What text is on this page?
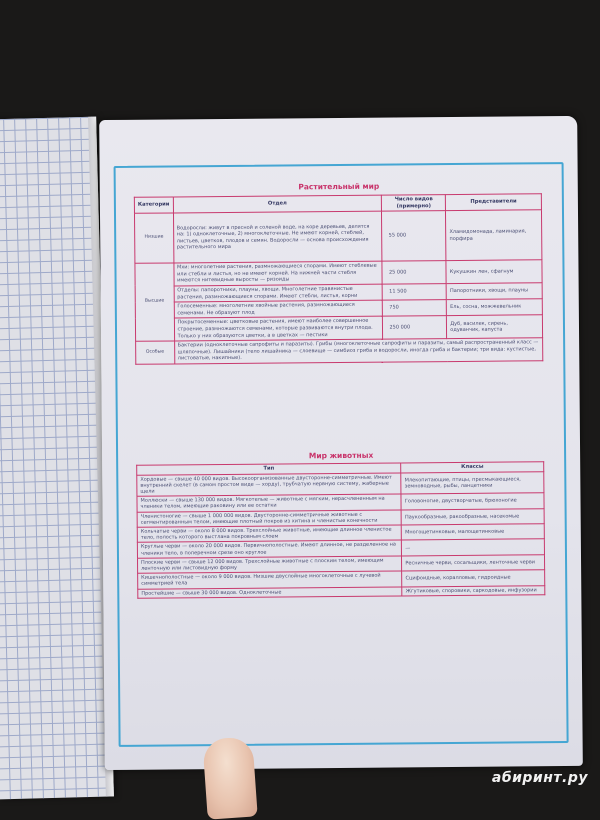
Растительный мир
Категории	Отдел	Число видов (примерно)	Представители
Низшие	Водоросли: живут в пресной и соленой воде, на коре деревьев, делятся на: 1) одноклеточные, 2) многоклеточные. Не имеют корней, стеблей, листьев, цветков, плодов и семян. Водоросли — основа происхождения растительного мира	55 000	Хламидомонада, ламинария, порфира
Высшие	Мхи: многолетние растения, размножающиеся спорами. Имеют стеблевые или стебли и листья, но не имеют корней. На нижней части стебля имеются нитевидные выросты — ризоиды	25 000	Кукушкин лен, сфагнум
	Отделы: папоротники, плауны, хвощи. Многолетние травянистые растения, размножающиеся спорами. Имеют стебли, листья, корни	11 500	Папоротники, хвощи, плауны
	Голосеменные: многолетние хвойные растения, размножающиеся семенами. Не образуют плод	750	Ель, сосна, можжевельник
	Покрытосеменные: цветковые растения, имеют наиболее совершенное строение, размножаются семенами, которые развиваются внутри плода. Только у них образуются цветки, а в цветках — пестики	250 000	Дуб, василек, сирень, одуванчик, капуста
Особые	Бактерии (одноклеточные сапрофиты и паразиты). Грибы (многоклеточные сапрофиты и паразиты, самый распространенный класс — шляпочные). Лишайники (тело лишайника — слоевище — симбиоз гриба и водоросли, иногда гриба и бактерии; три вида: кустистые, листоватые, накипные).		
Мир животных
Тип	Классы
Хордовые — свыше 40 000 видов. Высокоорганизованные двусторонне-симметричные. Имеют внутренний скелет (в самом простом виде — хорду), трубчатую нервную систему, жаберные щели	Млекопитающие, птицы, пресмыкающиеся, земноводные, рыбы, ланцетники
Моллюски — свыше 130 000 видов. Мягкотелые — животные с мягким, нерасчлененным на членики телом, имеющие раковину или ее остатки	Головоногие, двустворчатые, брюхоногие
Членистоногие — свыше 1 000 000 видов. Двусторонне-симметричные животные с сегментированным телом, имеющие плотный покров из хитина и членистые конечности	Паукообразные, ракообразные, насекомые
Кольчатые черви — около 8 000 видов. Трехслойные животные, имеющие длинное членистое тело, полость которого выстлана покровным слоем	Многощетинковые, малощетинковые
Круглые черви — около 20 000 видов. Первичнополостные. Имеют длинное, не разделенное на членики тело, в поперечном срезе оно круглое	—
Плоские черви — свыше 12 000 видов. Трехслойные животные с плоским телом, имеющим ленточную или листовидную форму	Ресничные черви, сосальщики, ленточные черви
Кишечнополостные — около 9 000 видов. Низшие двуслойные многоклеточные с лучевой симметрией тела	Сцифоидные, коралловые, гидроидные
Простейшие — свыше 30 000 видов. Одноклеточные	Жгутиковые, споровики, саркодовые, инфузории
абиринт.ру
